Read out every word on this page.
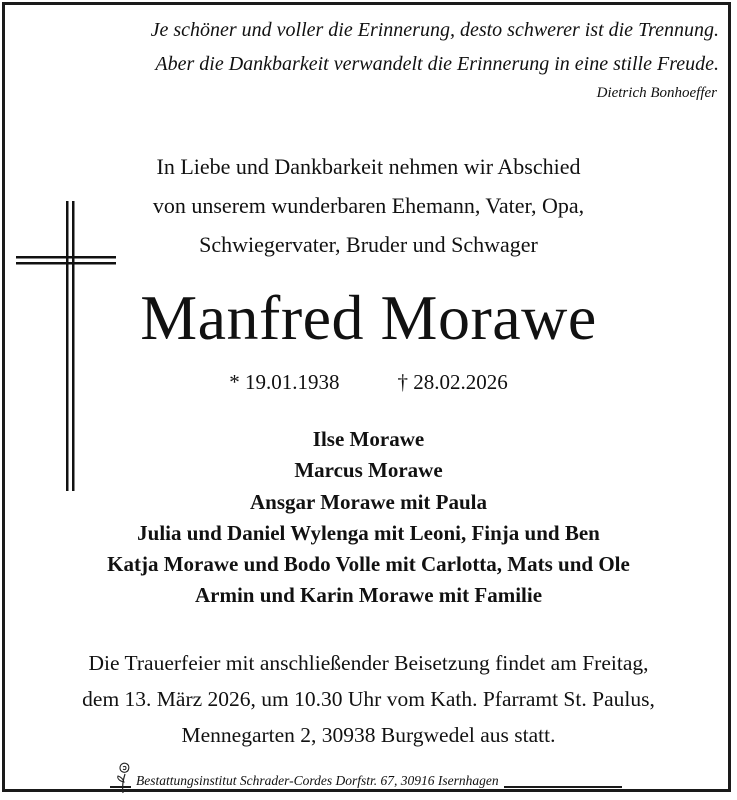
Je schöner und voller die Erinnerung, desto schwerer ist die Trennung.
Aber die Dankbarkeit verwandelt die Erinnerung in eine stille Freude.
Dietrich Bonhoeffer
In Liebe und Dankbarkeit nehmen wir Abschied
von unserem wunderbaren Ehemann, Vater, Opa,
Schwiegervater, Bruder und Schwager
Manfred Morawe
* 19.01.1938	† 28.02.2026
Ilse Morawe
Marcus Morawe
Ansgar Morawe mit Paula
Julia und Daniel Wylenga mit Leoni, Finja und Ben
Katja Morawe und Bodo Volle mit Carlotta, Mats und Ole
Armin und Karin Morawe mit Familie
Die Trauerfeier mit anschließender Beisetzung findet am Freitag,
dem 13. März 2026, um 10.30 Uhr vom Kath. Pfarramt St. Paulus,
Mennegarten 2, 30938 Burgwedel aus statt.
Bestattungsinstitut Schrader-Cordes Dorfstr. 67, 30916 Isernhagen
